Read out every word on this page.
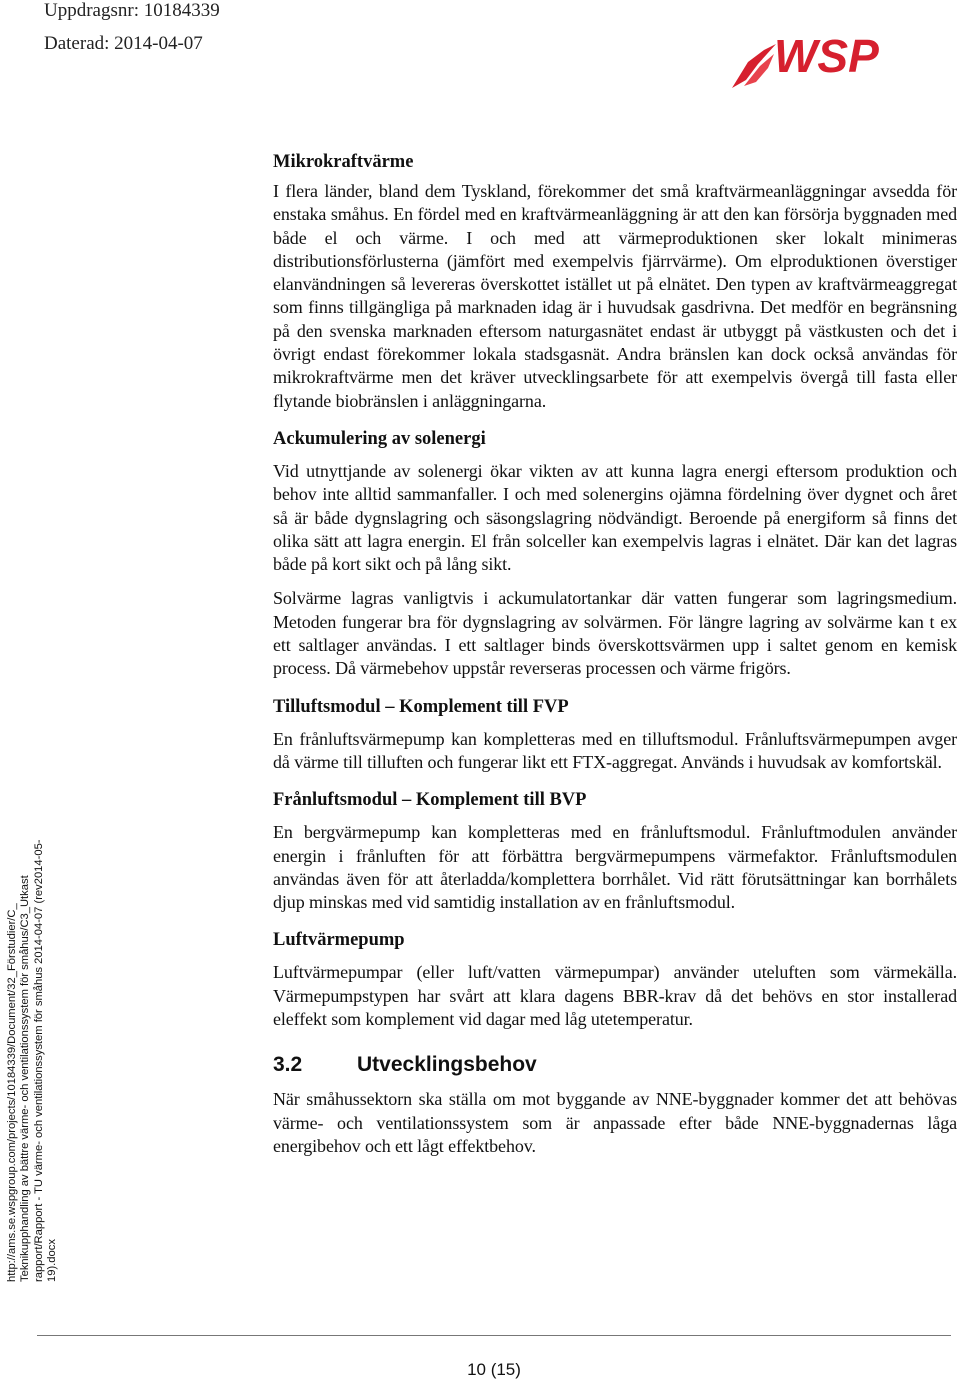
Uppdragsnr: 10184339
Daterad: 2014-04-07	WSP
http://ams.se.wspgroup.com/projects/10184339/Document/32_Förstudier/C_ Teknikupphandling av bättre värme- och ventilationssystem för småhus/C3_Utkast rapport/Rapport - TU värme- och ventilationssystem för småhus 2014-04-07 (rev2014-05- 19).docx
Mikrokraftvärme

I flera länder, bland dem Tyskland, förekommer det små kraftvärmeanläggningar avsedda för enstaka småhus. En fördel med en kraftvärmeanläggning är att den kan försörja byggnaden med både el och värme. I och med att värmeproduktionen sker lokalt minimeras distributionsförlusterna (jämfört med exempelvis fjärrvärme). Om elproduktionen överstiger elanvändningen så levereras överskottet istället ut på elnätet. Den typen av kraftvärmeaggregat som finns tillgängliga på marknaden idag är i huvudsak gasdrivna. Det medför en begränsning på den svenska marknaden eftersom naturgasnätet endast är utbyggt på västkusten och det i övrigt endast förekommer lokala stadsgasnät. Andra bränslen kan dock också användas för mikrokraftvärme men det kräver utvecklingsarbete för att exempelvis övergå till fasta eller flytande biobränslen i anläggningarna.

Ackumulering av solenergi

Vid utnyttjande av solenergi ökar vikten av att kunna lagra energi eftersom produktion och behov inte alltid sammanfaller. I och med solenergins ojämna fördelning över dygnet och året så är både dygnslagring och säsongslagring nödvändigt. Beroende på energiform så finns det olika sätt att lagra energin. El från solceller kan exempelvis lagras i elnätet. Där kan det lagras både på kort sikt och på lång sikt.

Solvärme lagras vanligtvis i ackumulatortankar där vatten fungerar som lagringsmedium. Metoden fungerar bra för dygnslagring av solvärmen. För längre lagring av solvärme kan t ex ett saltlager användas. I ett saltlager binds överskottsvärmen upp i saltet genom en kemisk process. Då värmebehov uppstår reverseras processen och värme frigörs.

Tilluftsmodul – Komplement till FVP

En frånluftsvärmepump kan kompletteras med en tilluftsmodul. Frånluftsvärmepumpen avger då värme till tilluften och fungerar likt ett FTX-aggregat. Används i huvudsak av komfortskäl.

Frånluftsmodul – Komplement till BVP

En bergvärmepump kan kompletteras med en frånluftsmodul. Frånluftmodulen använder energin i frånluften för att förbättra bergvärmepumpens värmefaktor. Frånluftsmodulen användas även för att återladda/komplettera borrhålet. Vid rätt förutsättningar kan borrhålets djup minskas med vid samtidig installation av en frånluftsmodul.

Luftvärmepump

Luftvärmepumpar (eller luft/vatten värmepumpar) använder uteluften som värmekälla. Värmepumpstypen har svårt att klara dagens BBR-krav då det behövs en stor installerad eleffekt som komplement vid dagar med låg utetemperatur.

3.2	Utvecklingsbehov

När småhussektorn ska ställa om mot byggande av NNE-byggnader kommer det att behövas värme- och ventilationssystem som är anpassade efter både NNE-byggnadernas låga energibehov och ett lågt effektbehov.

10 (15)
